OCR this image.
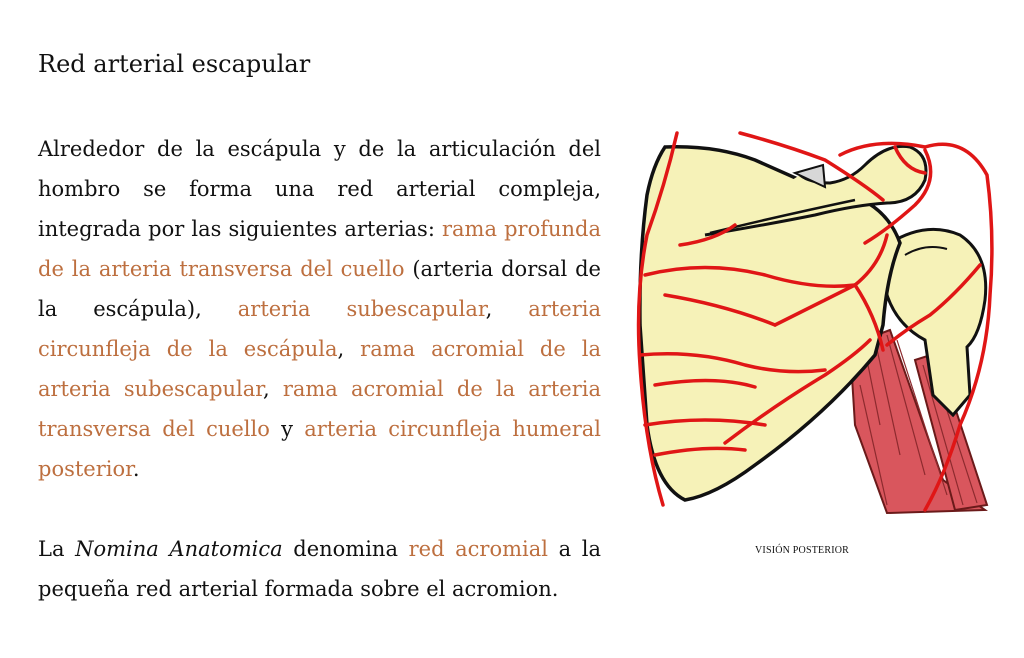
Red arterial escapular

Alrededor de la escápula y de la articulación del hombro se forma una red arterial compleja, integrada por las siguientes arterias: rama profunda de la arteria transversa del cuello (arteria dorsal de la escápula), arteria subescapular, arteria circunfleja de la escápula, rama acromial de la arteria subescapular, rama acromial de la arteria transversa del cuello y arteria circunfleja humeral posterior.

La Nomina Anatomica denomina red acromial a la pequeña red arterial formada sobre el acromion.

VISIÓN POSTERIOR
